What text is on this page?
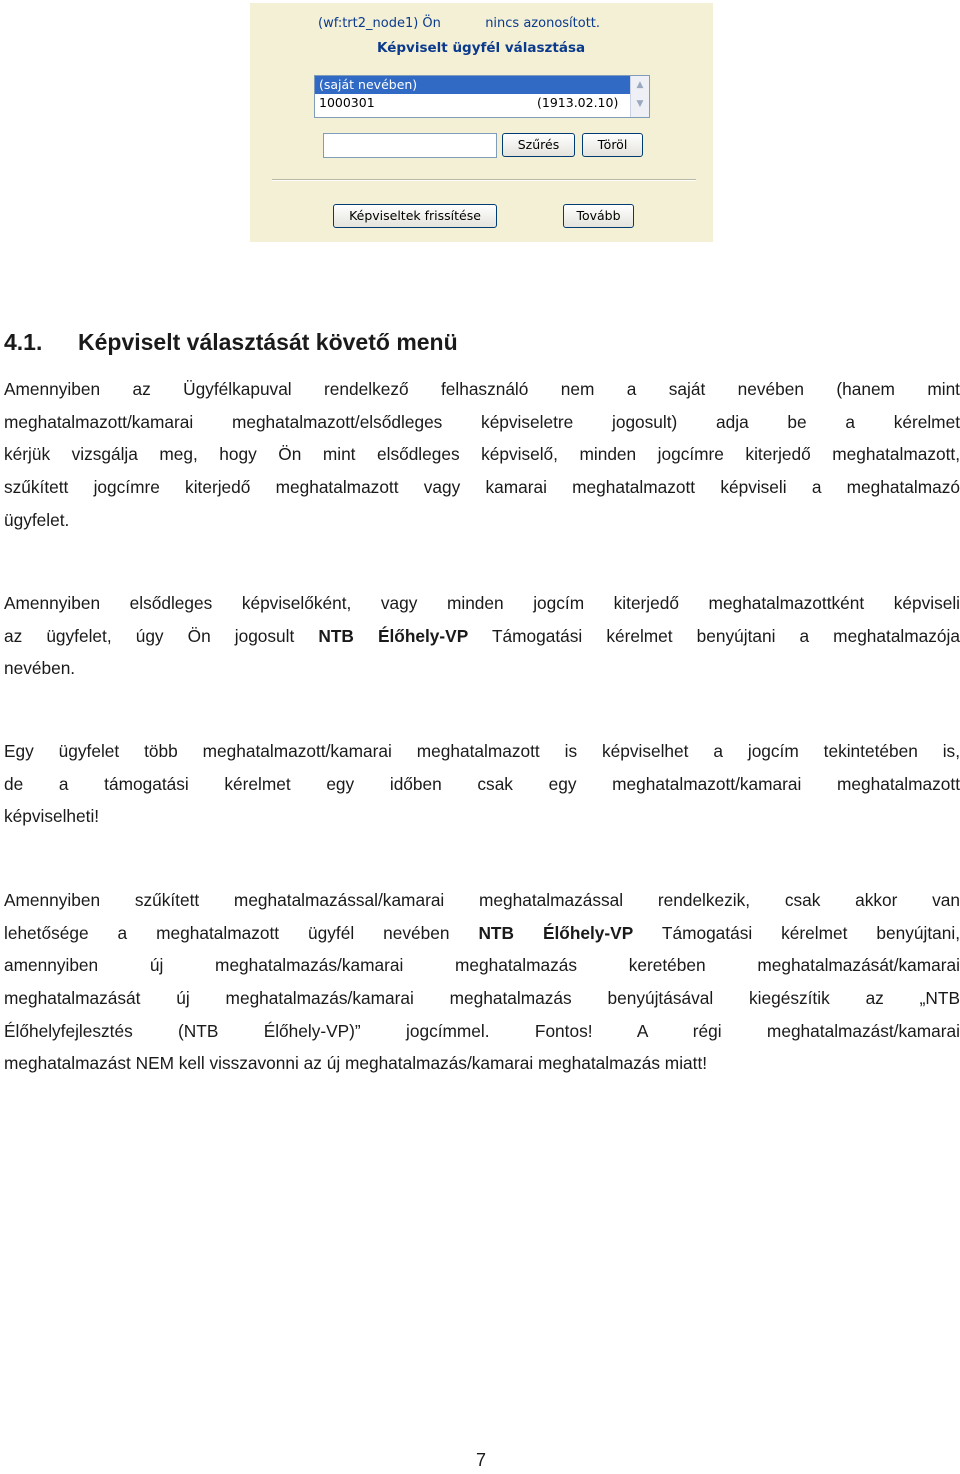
(wf:trt2_node1) Ön	nincs azonosított.
Képviselt ügyfél választása
(saját nevében)
1000301	(1913.02.10)
▲
▼
Szűrés	Töröl
Képviseltek frissítése	Tovább
4.1. Képviselt választását követő menü
Amennyiben az Ügyfélkapuval rendelkező felhasználó nem a saját nevében (hanem mint
meghatalmazott/kamarai meghatalmazott/elsődleges képviseletre jogosult) adja be a kérelmet
kérjük vizsgálja meg, hogy Ön mint elsődleges képviselő, minden jogcímre kiterjedő meghatalmazott,
szűkített jogcímre kiterjedő meghatalmazott vagy kamarai meghatalmazott képviseli a meghatalmazó
ügyfelet.
Amennyiben elsődleges képviselőként, vagy minden jogcím kiterjedő meghatalmazottként képviseli
az ügyfelet, úgy Ön jogosult NTB Élőhely-VP Támogatási kérelmet benyújtani a meghatalmazója
nevében.
Egy ügyfelet több meghatalmazott/kamarai meghatalmazott is képviselhet a jogcím tekintetében is,
de a támogatási kérelmet egy időben csak egy meghatalmazott/kamarai meghatalmazott
képviselheti!
Amennyiben szűkített meghatalmazással/kamarai meghatalmazással rendelkezik, csak akkor van
lehetősége a meghatalmazott ügyfél nevében NTB Élőhely-VP Támogatási kérelmet benyújtani,
amennyiben új meghatalmazás/kamarai meghatalmazás keretében meghatalmazását/kamarai
meghatalmazását új meghatalmazás/kamarai meghatalmazás benyújtásával kiegészítik az „NTB
Élőhelyfejlesztés (NTB Élőhely-VP)” jogcímmel. Fontos! A régi meghatalmazást/kamarai
meghatalmazást NEM kell visszavonni az új meghatalmazás/kamarai meghatalmazás miatt!
7
